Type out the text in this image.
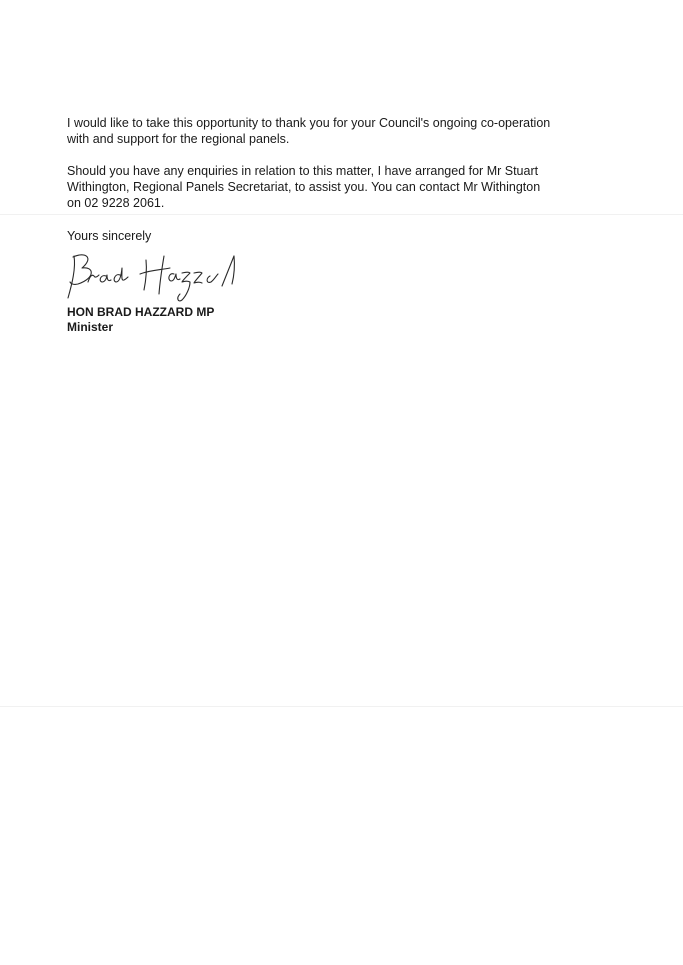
I would like to take this opportunity to thank you for your Council's ongoing co-operation
with and support for the regional panels.

Should you have any enquiries in relation to this matter, I have arranged for Mr Stuart
Withington, Regional Panels Secretariat, to assist you. You can contact Mr Withington
on 02 9228 2061.

Yours sincerely
HON BRAD HAZZARD MP
Minister
